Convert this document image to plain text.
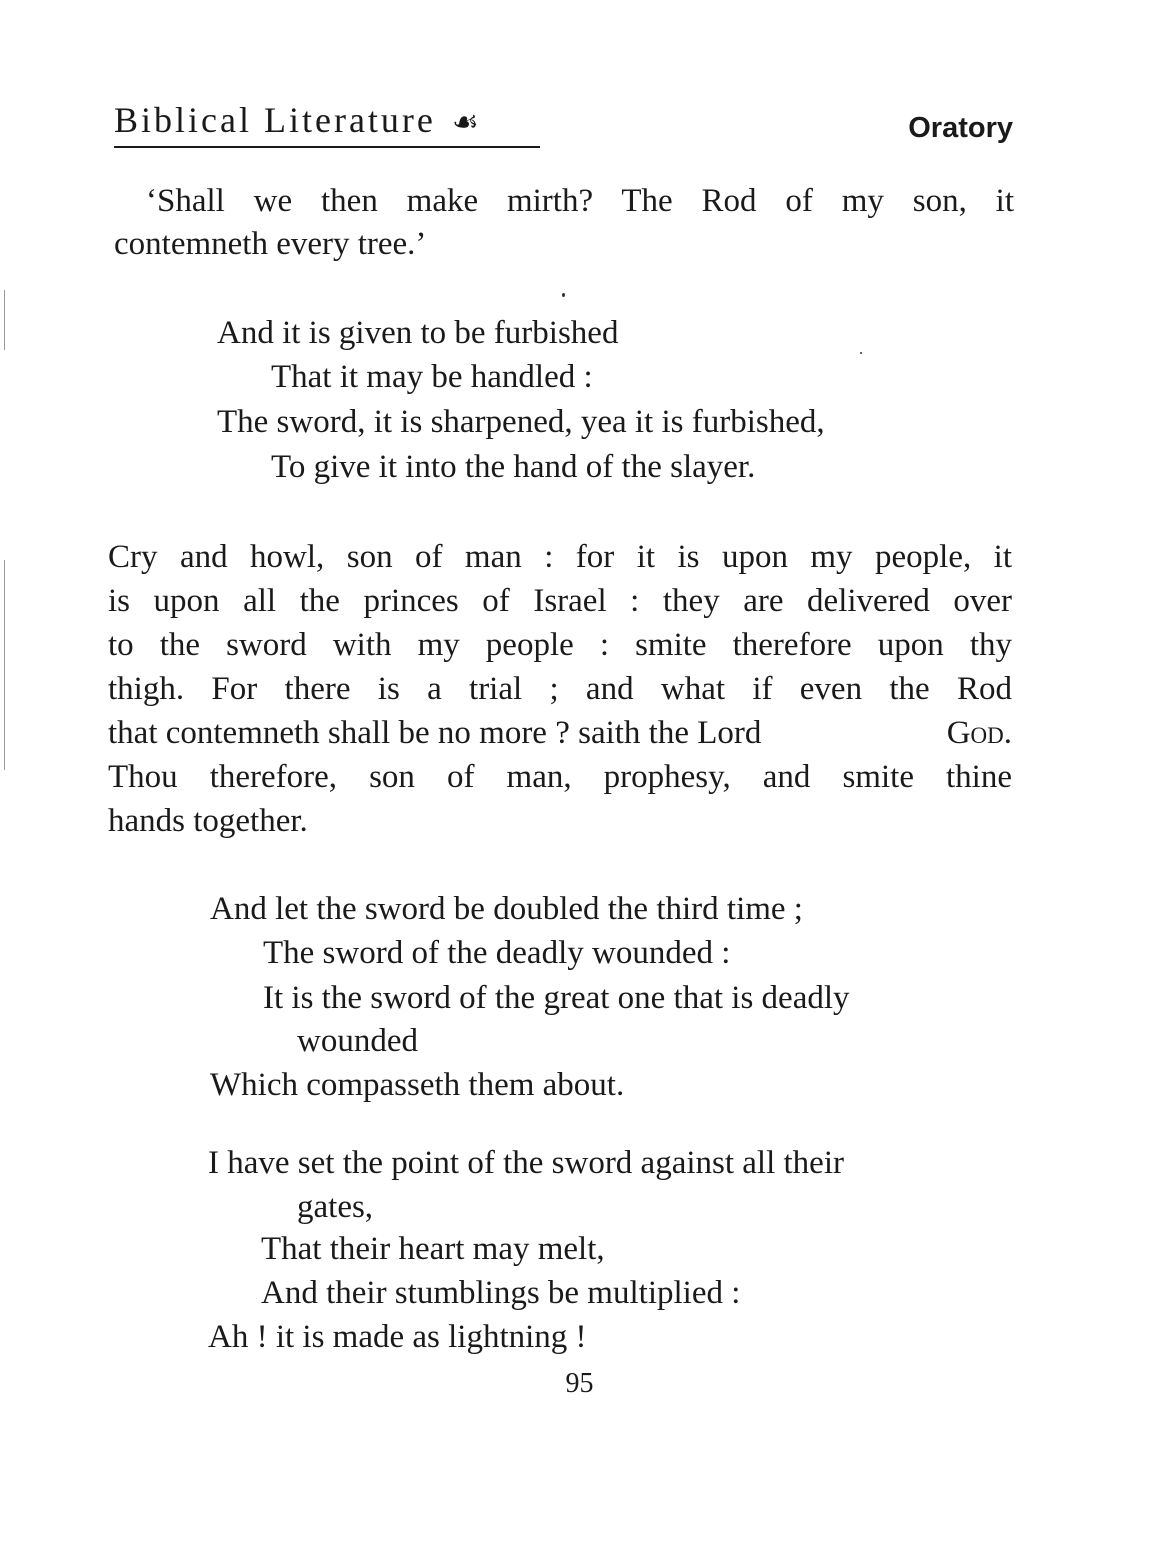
Biblical Literature ☙	Oratory
‘Shall we then make mirth? The Rod of my son, it
contemneth every tree.’
And it is given to be furbished
That it may be handled :
The sword, it is sharpened, yea it is furbished,
To give it into the hand of the slayer.
Cry and howl, son of man : for it is upon my people, it
is upon all the princes of Israel : they are delivered over
to the sword with my people : smite therefore upon thy
thigh. For there is a trial ; and what if even the Rod
that contemneth shall be no more ? saith the Lord	God.
Thou therefore, son of man, prophesy, and smite thine
hands together.
And let the sword be doubled the third time ;
The sword of the deadly wounded :
It is the sword of the great one that is deadly
wounded
Which compasseth them about.
I have set the point of the sword against all their
gates,
That their heart may melt,
And their stumblings be multiplied :
Ah ! it is made as lightning !
95
